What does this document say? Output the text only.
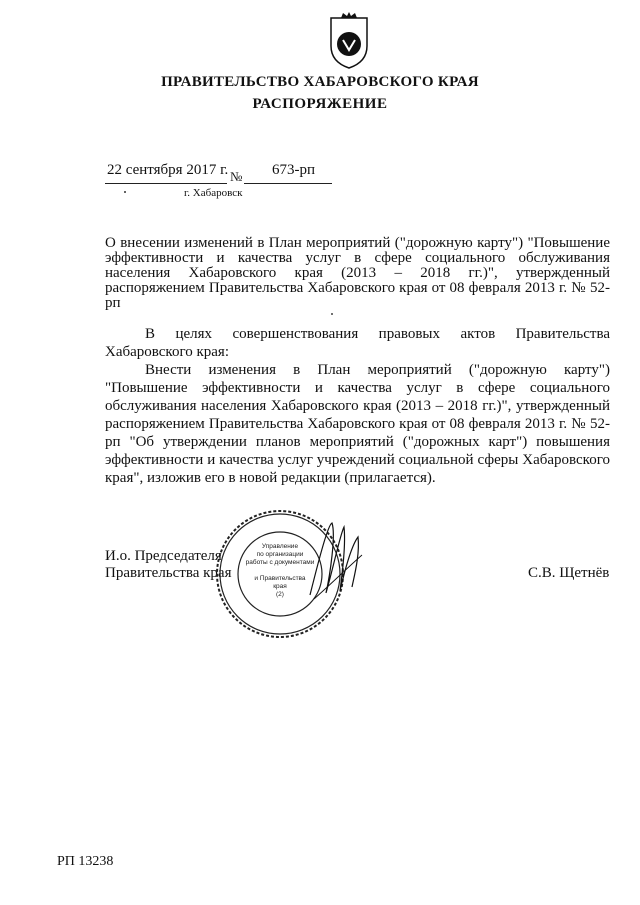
ПРАВИТЕЛЬСТВО ХАБАРОВСКОГО КРАЯ
РАСПОРЯЖЕНИЕ
22 сентября 2017 г. № 673-рп
г. Хабаровск

О внесении изменений в План мероприятий ("дорожную карту") "Повышение эффективности и качества услуг в сфере социального обслуживания населения Хабаровского края (2013 – 2018 гг.)", утвержденный распоряжением Правительства Хабаровского края от 08 февраля 2013 г. № 52-рп

В целях совершенствования правовых актов Правительства Хабаровского края:

Внести изменения в План мероприятий ("дорожную карту") "Повышение эффективности и качества услуг в сфере социального обслуживания населения Хабаровского края (2013 – 2018 гг.)", утвержденный распоряжением Правительства Хабаровского края от 08 февраля 2013 г. № 52-рп "Об утверждении планов мероприятий ("дорожных карт") повышения эффективности и качества услуг учреждений социальной сферы Хабаровского края", изложив его в новой редакции (прилагается).

И.о. Председателя
Правительства края
Управление
по организации
работы с документами
и Правительства
края
(2)
С.В. Щетнёв
РП 13238
